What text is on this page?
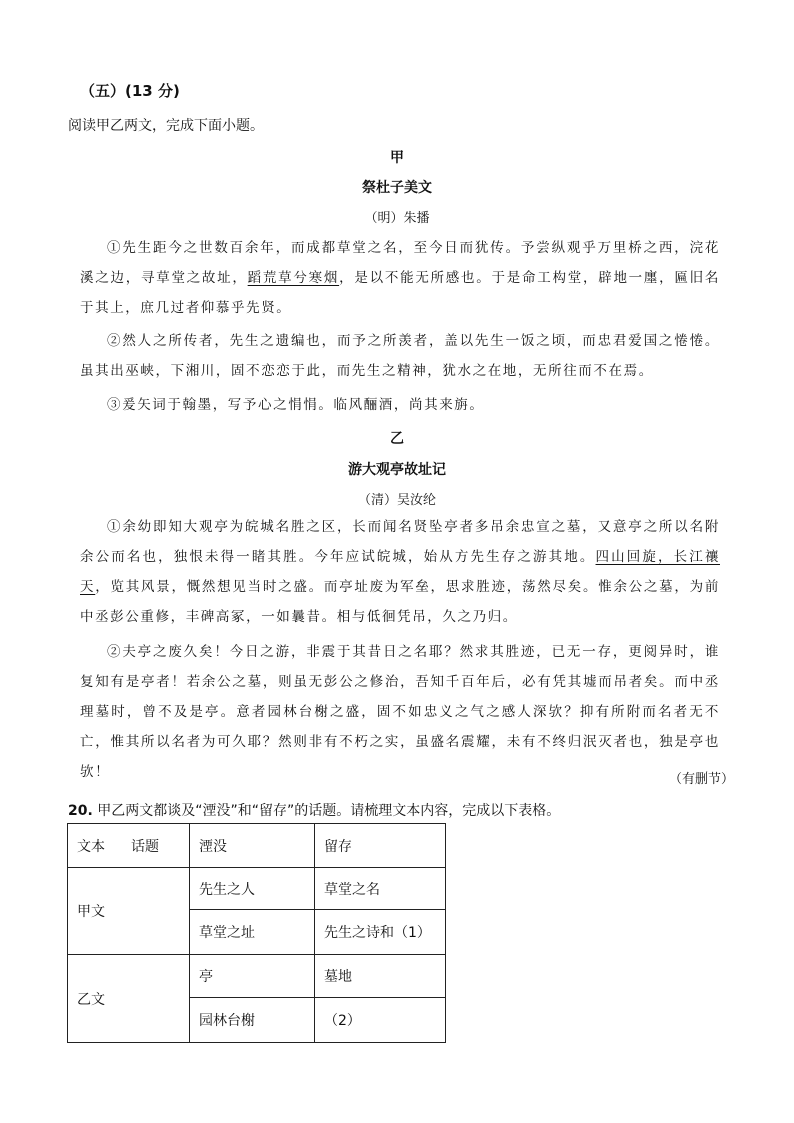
（五）(13 分)
阅读甲乙两文，完成下面小题。
甲
祭杜子美文
（明）朱播
①先生距今之世数百余年，而成都草堂之名，至今日而犹传。予尝纵观乎万里桥之西，浣花溪之边，寻草堂之故址，蹈荒草兮寒烟，是以不能无所感也。于是命工构堂，辟地一廛，匾旧名于其上，庶几过者仰慕乎先贤。
②然人之所传者，先生之遗编也，而予之所羡者，盖以先生一饭之顷，而忠君爱国之惓惓。虽其出巫峡，下湘川，固不恋恋于此，而先生之精神，犹水之在地，无所往而不在焉。
③爰矢词于翰墨，写予心之悁悁。临风酾酒，尚其来旃。
乙
游大观亭故址记
（清）吴汝纶
①余幼即知大观亭为皖城名胜之区，长而闻名贤坠亭者多吊余忠宣之墓，又意亭之所以名附余公而名也，独恨未得一睹其胜。今年应试皖城，始从方先生存之游其地。四山回旋，长江禳天，览其风景，慨然想见当时之盛。而亭址废为军垒，思求胜迹，荡然尽矣。惟余公之墓，为前中丞彭公重修，丰碑高冢，一如曩昔。相与低徊凭吊，久之乃归。
②夫亭之废久矣！今日之游，非震于其昔日之名耶？然求其胜迹，已无一存，更阅异时，谁复知有是亭者！若余公之墓，则虽无彭公之修治，吾知千百年后，必有凭其墟而吊者矣。而中丞理墓时，曾不及是亭。意者园林台榭之盛，固不如忠义之气之感人深欤？抑有所附而名者无不亡，惟其所以名者为可久耶？然则非有不朽之实，虽盛名震耀，未有不终归泯灭者也，独是亭也欤！	（有删节）
20. 甲乙两文都谈及“湮没”和“留存”的话题。请梳理文本内容，完成以下表格。
文本 话题	湮没	留存
甲文	先生之人	草堂之名
	草堂之址	先生之诗和（1）
乙文	亭	墓地
	园林台榭	（2）
